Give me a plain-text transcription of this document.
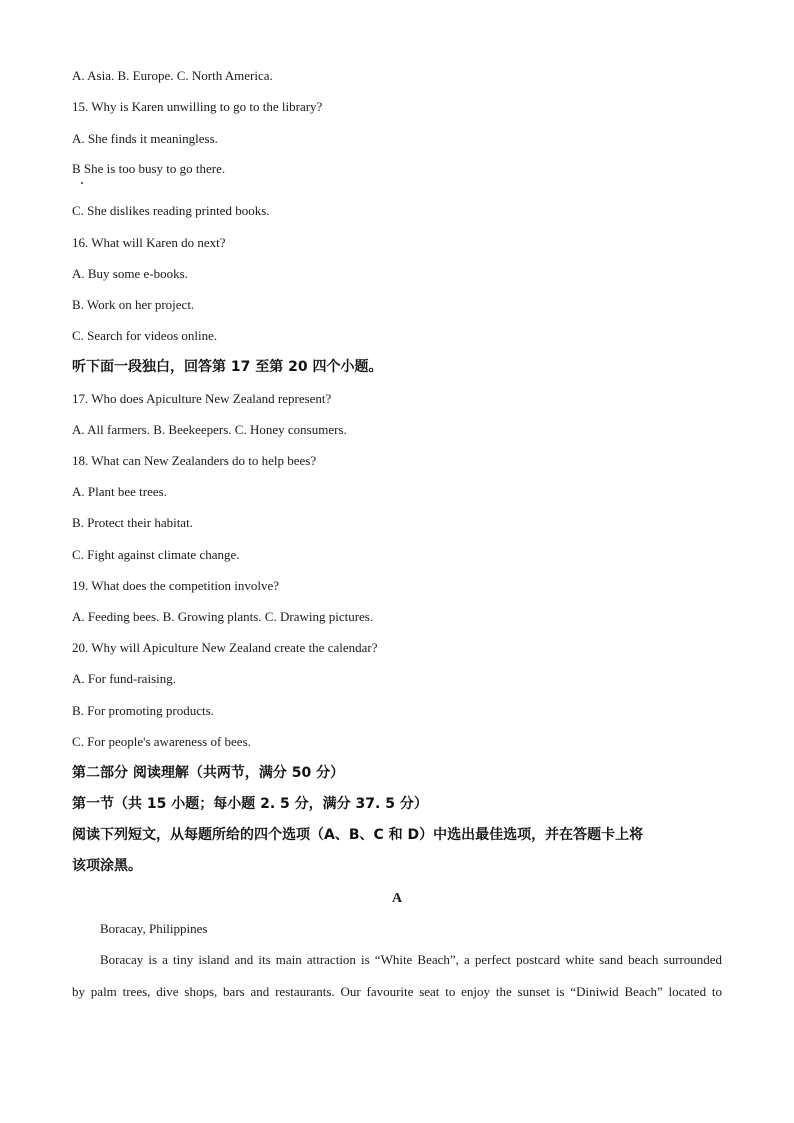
A. Asia. B. Europe. C. North America.
15. Why is Karen unwilling to go to the library?
A. She finds it meaningless.
B She is too busy to go there.
C. She dislikes reading printed books.
16. What will Karen do next?
A. Buy some e-books.
B. Work on her project.
C. Search for videos online.
听下面一段独白，回答第 17 至第 20 四个小题。
17. Who does Apiculture New Zealand represent?
A. All farmers. B. Beekeepers. C. Honey consumers.
18. What can New Zealanders do to help bees?
A. Plant bee trees.
B. Protect their habitat.
C. Fight against climate change.
19. What does the competition involve?
A. Feeding bees. B. Growing plants. C. Drawing pictures.
20. Why will Apiculture New Zealand create the calendar?
A. For fund-raising.
B. For promoting products.
C. For people's awareness of bees.
第二部分 阅读理解（共两节，满分 50 分）
第一节（共 15 小题；每小题 2. 5 分，满分 37. 5 分）
阅读下列短文，从每题所给的四个选项（A、B、C 和 D）中选出最佳选项，并在答题卡上将
该项涂黑。
A
Boracay, Philippines
Boracay is a tiny island and its main attraction is “White Beach”, a perfect postcard white sand beach surrounded
by palm trees, dive shops, bars and restaurants. Our favourite seat to enjoy the sunset is “Diniwid Beach” located to
